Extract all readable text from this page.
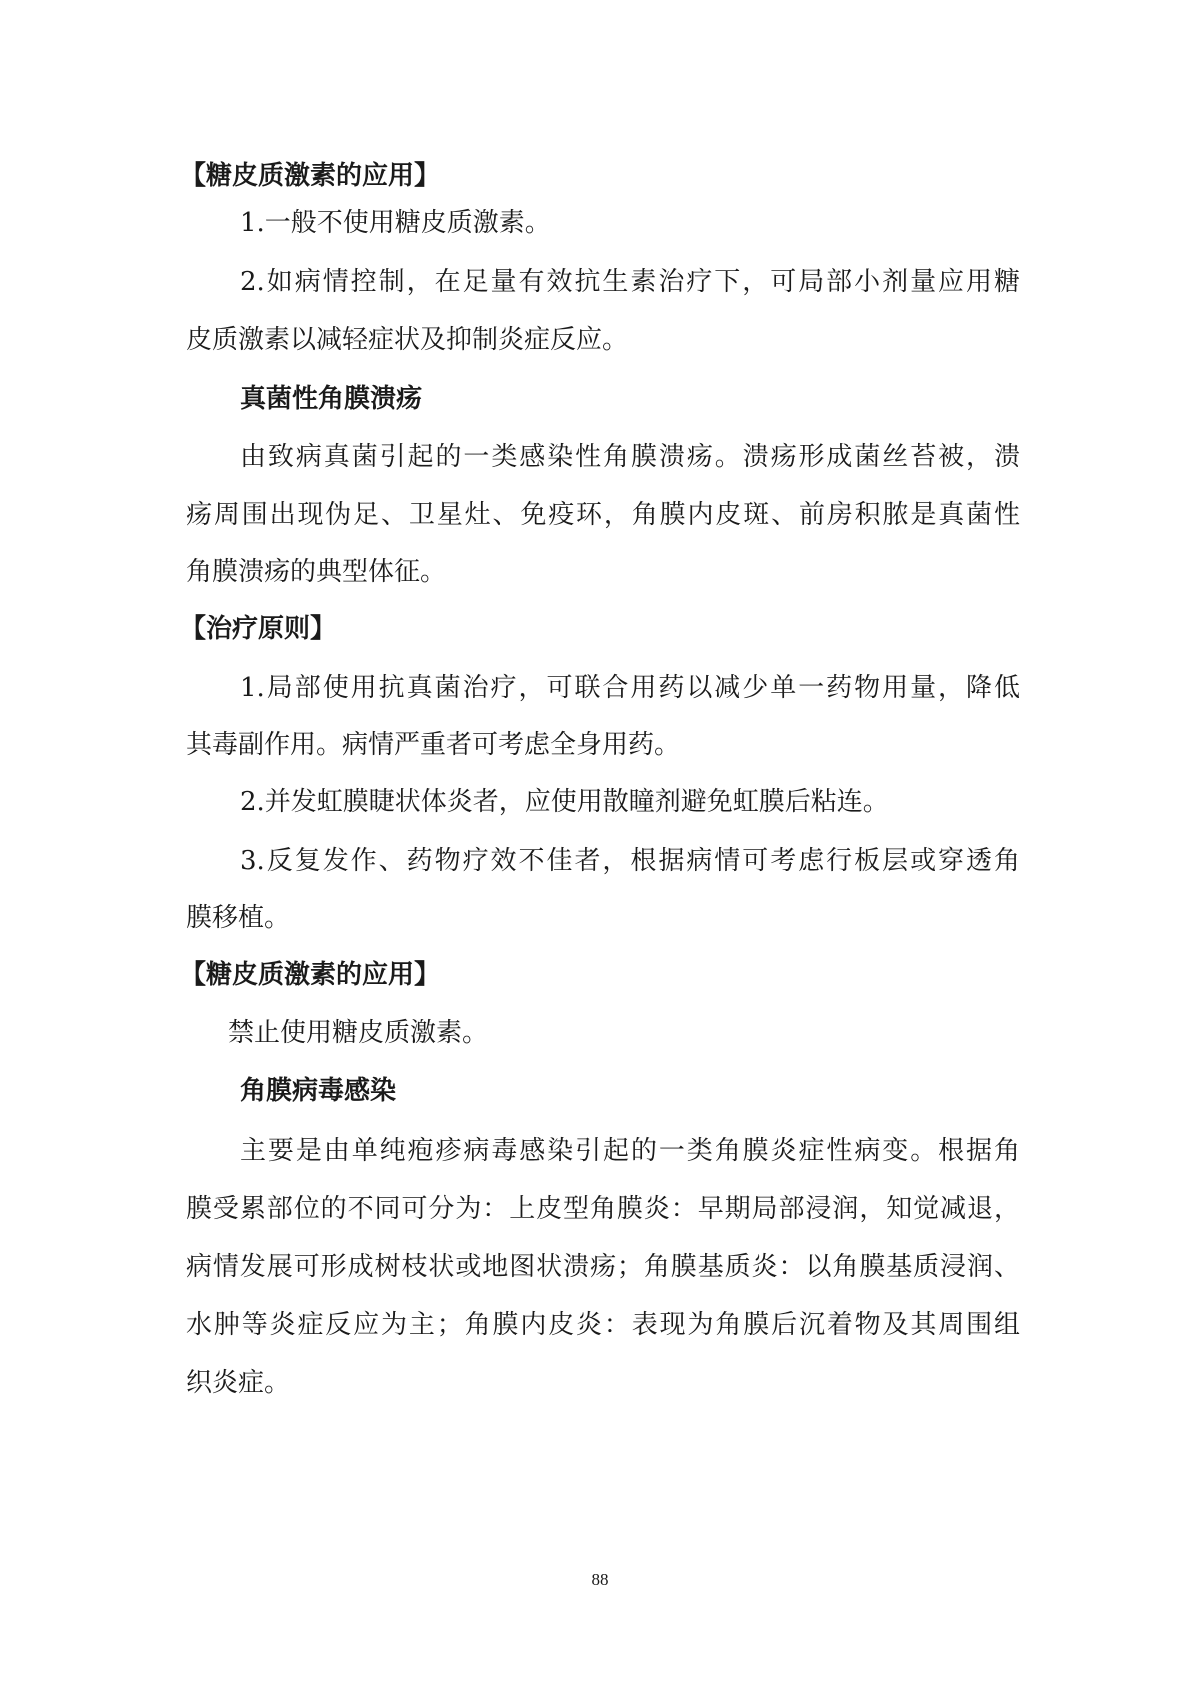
【糖皮质激素的应用】
1.一般不使用糖皮质激素。
2.如病情控制，在足量有效抗生素治疗下，可局部小剂量应用糖
皮质激素以减轻症状及抑制炎症反应。
真菌性角膜溃疡
由致病真菌引起的一类感染性角膜溃疡。溃疡形成菌丝苔被，溃
疡周围出现伪足、卫星灶、免疫环，角膜内皮斑、前房积脓是真菌性
角膜溃疡的典型体征。
【治疗原则】
1.局部使用抗真菌治疗，可联合用药以减少单一药物用量，降低
其毒副作用。病情严重者可考虑全身用药。
2.并发虹膜睫状体炎者，应使用散瞳剂避免虹膜后粘连。
3.反复发作、药物疗效不佳者，根据病情可考虑行板层或穿透角
膜移植。
【糖皮质激素的应用】
禁止使用糖皮质激素。
角膜病毒感染
主要是由单纯疱疹病毒感染引起的一类角膜炎症性病变。根据角
膜受累部位的不同可分为：上皮型角膜炎：早期局部浸润，知觉减退，
病情发展可形成树枝状或地图状溃疡；角膜基质炎：以角膜基质浸润、
水肿等炎症反应为主；角膜内皮炎：表现为角膜后沉着物及其周围组
织炎症。
88
